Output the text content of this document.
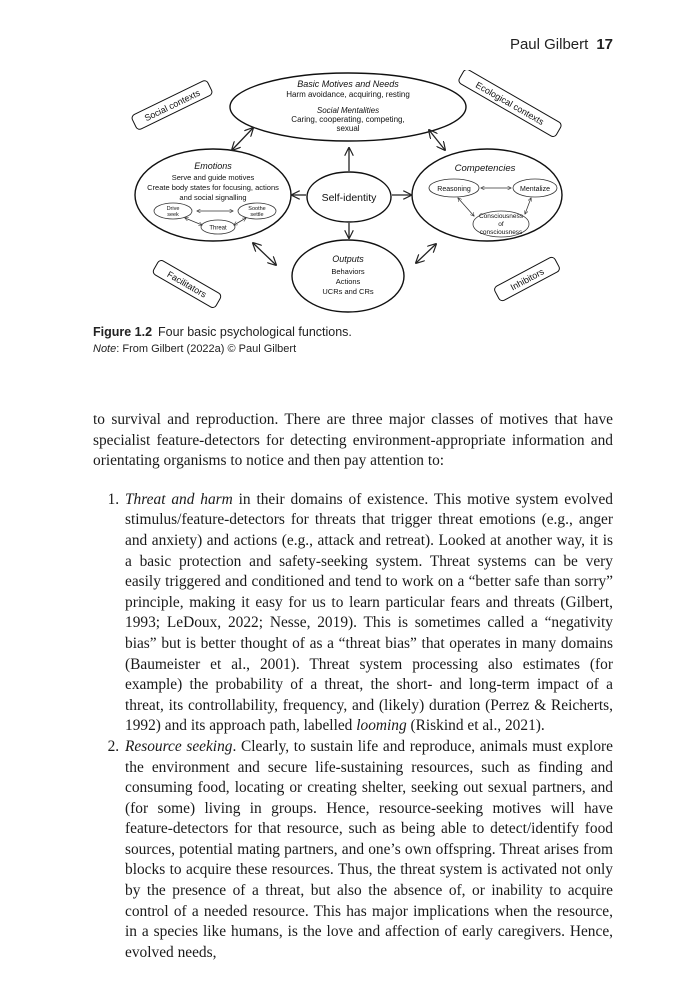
Paul Gilbert 17
Basic Motives and Needs
Harm avoidance, acquiring, resting
Social Mentalities
Caring, cooperating, competing,
sexual
Social contexts	Ecological contexts
Facilitators	Inhibitors
Emotions
Serve and guide motives
Create body states for focusing, actions
and social signalling
Drive
seek
Soothe
settle
Threat
Self-identity
Competencies
Reasoning	Mentalize
Consciousness
of
consciousness
Outputs
Behaviors
Actions
UCRs and CRs
Figure 1.2 Four basic psychological functions.
Note: From Gilbert (2022a) © Paul Gilbert

to survival and reproduction. There are three major classes of motives that have specialist feature-detectors for detecting environment-appropriate information and orientating organisms to notice and then pay attention to:

1. Threat and harm in their domains of existence. This motive system evolved stimulus/feature-detectors for threats that trigger threat emotions (e.g., anger and anxiety) and actions (e.g., attack and retreat). Looked at another way, it is a basic protection and safety-seeking system. Threat systems can be very easily triggered and conditioned and tend to work on a “better safe than sorry” principle, making it easy for us to learn particular fears and threats (Gilbert, 1993; LeDoux, 2022; Nesse, 2019). This is sometimes called a “negativity bias” but is better thought of as a “threat bias” that operates in many domains (Baumeister et al., 2001). Threat system processing also estimates (for example) the probability of a threat, the short- and long-term impact of a threat, its controllability, frequency, and (likely) duration (Perrez & Reicherts, 1992) and its approach path, labelled looming (Riskind et al., 2021).
2. Resource seeking. Clearly, to sustain life and reproduce, animals must explore the environment and secure life-sustaining resources, such as finding and consuming food, locating or creating shelter, seeking out sexual partners, and (for some) living in groups. Hence, resource-seeking motives will have feature-detectors for that resource, such as being able to detect/identify food sources, potential mating partners, and one’s own offspring. Threat arises from blocks to acquire these resources. Thus, the threat system is activated not only by the presence of a threat, but also the absence of, or inability to acquire control of a needed resource. This has major implications when the resource, in a species like humans, is the love and affection of early caregivers. Hence, evolved needs,
